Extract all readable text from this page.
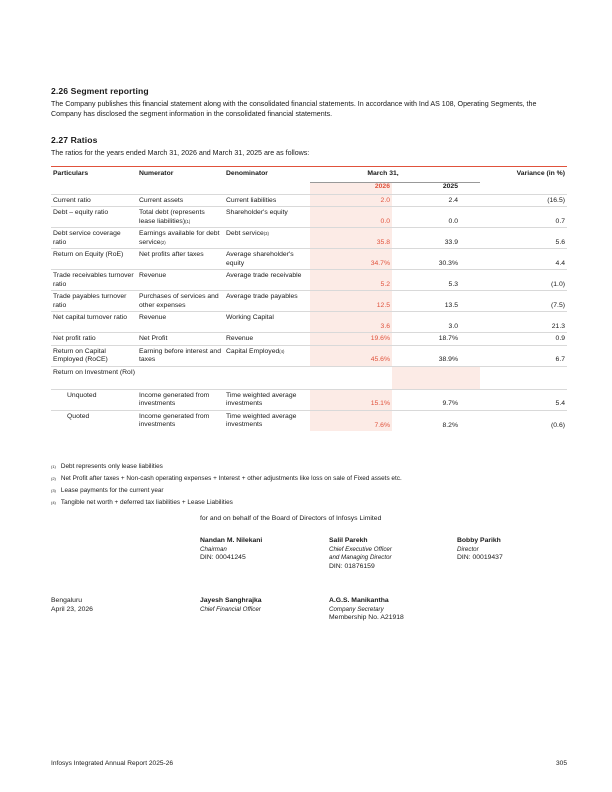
2.26 Segment reporting
The Company publishes this financial statement along with the consolidated financial statements. In accordance with Ind AS 108, Operating Segments, the Company has disclosed the segment information in the consolidated financial statements.
2.27 Ratios
The ratios for the years ended March 31, 2026 and March 31, 2025 are as follows:
Particulars	Numerator	Denominator	March 31,		Variance (in %)
			2026	2025	
Current ratio	Current assets	Current liabilities	2.0	2.4	(16.5)
Debt – equity ratio	Total debt (represents lease liabilities)$^{(1)}$	Shareholder's equity	0.0	0.0	0.7
Debt service coverage ratio	Earnings available for debt service$^{(2)}$	Debt service$^{(3)}$	35.8	33.9	5.6
Return on Equity (RoE)	Net profits after taxes	Average shareholder's equity	34.7%	30.3%	4.4
Trade receivables turnover ratio	Revenue	Average trade receivable	5.2	5.3	(1.0)
Trade payables turnover ratio	Purchases of services and other expenses	Average trade payables	12.5	13.5	(7.5)
Net capital turnover ratio	Revenue	Working Capital	3.6	3.0	21.3
Net profit ratio	Net Profit	Revenue	19.6%	18.7%	0.9
Return on Capital Employed (RoCE)	Earning before interest and taxes	Capital Employed$^{(4)}$	45.6%	38.9%	6.7
Return on Investment (RoI)					
Unquoted	Income generated from investments	Time weighted average investments	15.1%	9.7%	5.4
Quoted	Income generated from investments	Time weighted average investments	7.6%	8.2%	(0.6)
$^{(1)}$ Debt represents only lease liabilities
$^{(2)}$ Net Profit after taxes + Non-cash operating expenses + Interest + other adjustments like loss on sale of Fixed assets etc.
$^{(3)}$ Lease payments for the current year
$^{(4)}$ Tangible net worth + deferred tax liabilities + Lease Liabilities
for and on behalf of the Board of Directors of Infosys Limited
Nandan M. Nilekani
Chairman
DIN: 00041245
Salil Parekh
Chief Executive Officer
and Managing Director
DIN: 01876159
Bobby Parikh
Director
DIN: 00019437
Bengaluru
April 23, 2026
Jayesh Sanghrajka
Chief Financial Officer
A.G.S. Manikantha
Company Secretary
Membership No. A21918
Infosys Integrated Annual Report 2025-26	305
